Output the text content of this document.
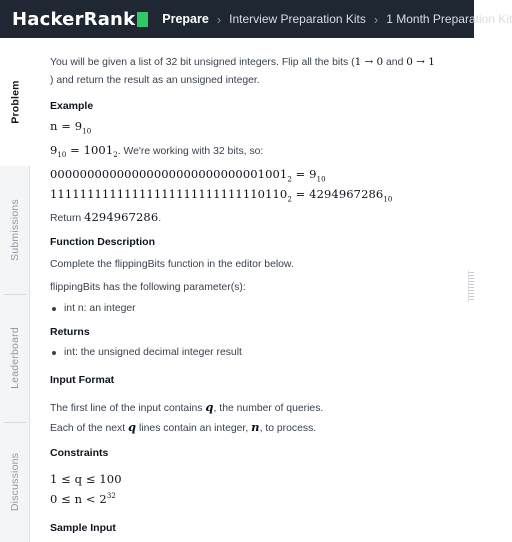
HackerRank Prepare › Interview Preparation Kits › 1 Month Preparation Kit
Problem
Submissions
Leaderboard
Discussions
You will be given a list of 32 bit unsigned integers. Flip all the bits (1 → 0 and 0 → 1
) and return the result as an unsigned integer.
Example
$n = 9_{10}$
$9_{10} = 1001_2$. We're working with 32 bits, so:
$00000000000000000000000000001001_2 = 9_{10}$
$11111111111111111111111111110110_2 = 4294967286_{10}$
Return 4294967286.
Function Description
Complete the flippingBits function in the editor below.
flippingBits has the following parameter(s):
int n: an integer
Returns
int: the unsigned decimal integer result
Input Format
The first line of the input contains q, the number of queries.
Each of the next q lines contain an integer, n, to process.
Constraints
1 ≤ q ≤ 100
$0 \le n < 2^{32}$
Sample Input
